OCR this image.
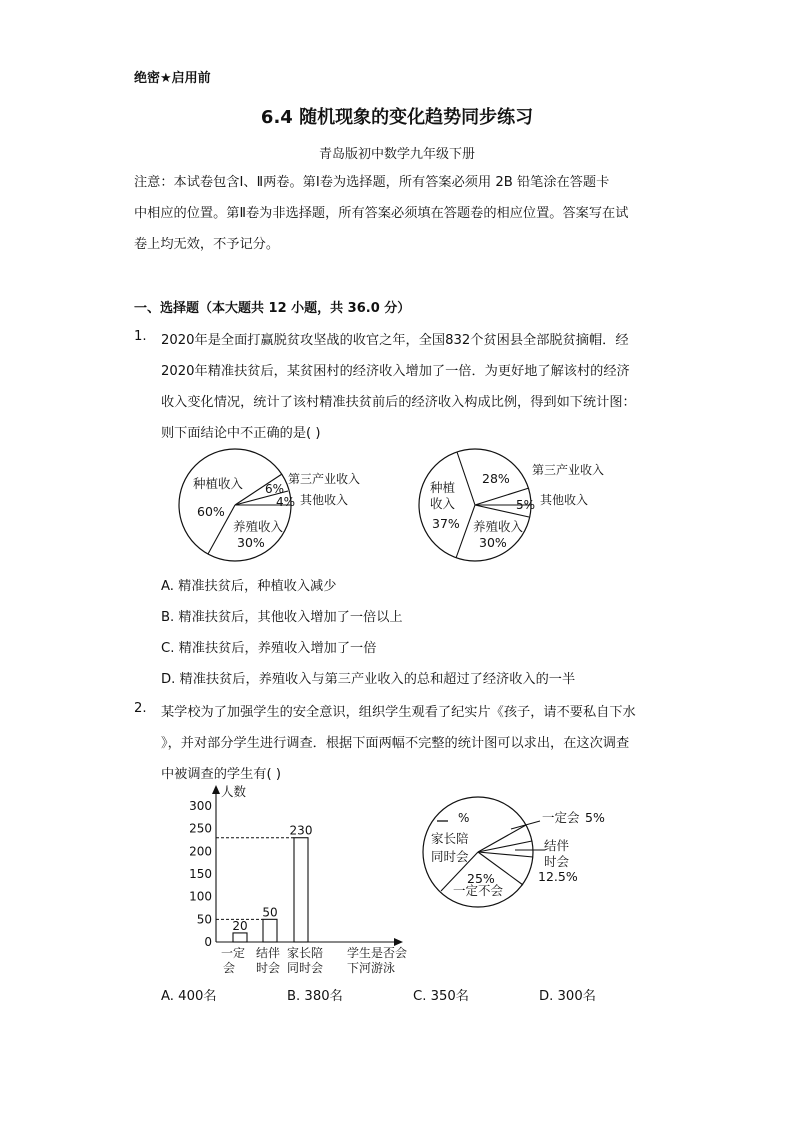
绝密★启用前
6.4 随机现象的变化趋势同步练习
青岛版初中数学九年级下册
注意：本试卷包含Ⅰ、Ⅱ两卷。第Ⅰ卷为选择题，所有答案必须用 2B 铅笔涂在答题卡
中相应的位置。第Ⅱ卷为非选择题，所有答案必须填在答题卷的相应位置。答案写在试
卷上均无效，不予记分。
一、选择题（本大题共 12 小题，共 36.0 分）
1. 2020年是全面打赢脱贫攻坚战的收官之年，全国832个贫困县全部脱贫摘帽．经
2020年精准扶贫后，某贫困村的经济收入增加了一倍．为更好地了解该村的经济
收入变化情况，统计了该村精准扶贫前后的经济收入构成比例，得到如下统计图：
则下面结论中不正确的是( )
种植收入
60%
6%
4%
养殖收入
30%
第三产业收入
其他收入
28%
种植
收入
37%
5%
养殖收入
30%
第三产业收入
其他收入
A. 精准扶贫后，种植收入减少
B. 精准扶贫后，其他收入增加了一倍以上
C. 精准扶贫后，养殖收入增加了一倍
D. 精准扶贫后，养殖收入与第三产业收入的总和超过了经济收入的一半
2. 某学校为了加强学生的安全意识，组织学生观看了纪实片《孩子，请不要私自下水
》，并对部分学生进行调查．根据下面两幅不完整的统计图可以求出，在这次调查
中被调查的学生有( )
人数
0
50
100
150
200
250
300
20
50
230
一定
会
结伴
时会
家长陪
同时会
学生是否会
下河游泳
%
家长陪
同时会
一定会 5%
结伴
时会
12.5%
25%
一定不会
A. 400名	B. 380名	C. 350名	D. 300名
